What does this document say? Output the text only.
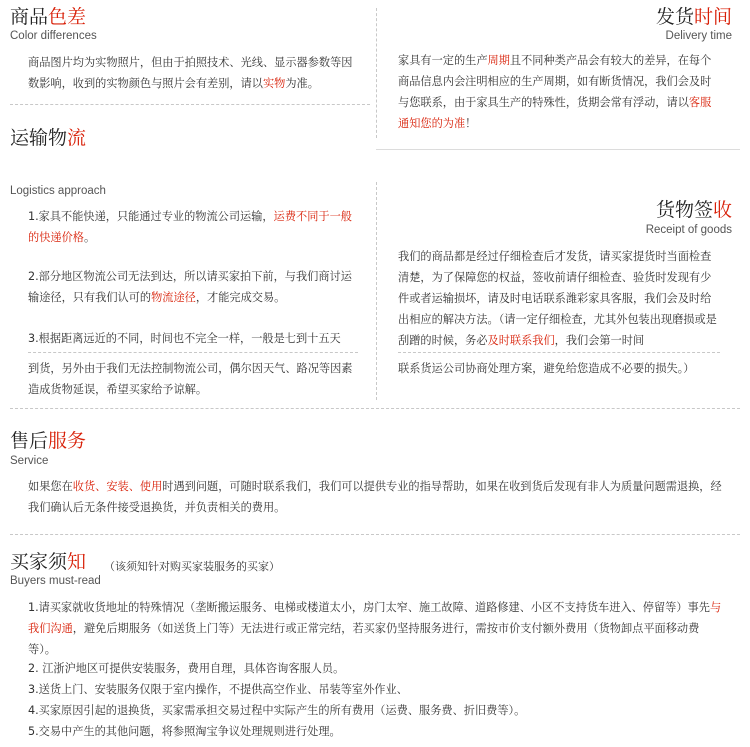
商品色差
Color differences
商品图片均为实物照片，但由于拍照技术、光线、显示器参数等因数影响，收到的实物颜色与照片会有差别，请以实物为准。
发货时间
Delivery time
家具有一定的生产周期且不同种类产品会有较大的差异，在每个商品信息内会注明相应的生产周期，如有断货情况，我们会及时与您联系，由于家具生产的特殊性，货期会常有浮动，请以客服通知您的为准！
运输物流
Logistics approach
1.家具不能快递，只能通过专业的物流公司运输，运费不同于一般的快递价格。
2.部分地区物流公司无法到达，所以请买家拍下前，与我们商讨运输途径，只有我们认可的物流途径，才能完成交易。
3.根据距离远近的不同，时间也不完全一样，一般是七到十五天
到货，另外由于我们无法控制物流公司，偶尔因天气、路况等因素造成货物延误，希望买家给予谅解。
货物签收
Receipt of goods
我们的商品都是经过仔细检查后才发货，请买家提货时当面检查清楚，为了保障您的权益，签收前请仔细检查、验货时发现有少件或者运输损坏，请及时电话联系潍彩家具客服，我们会及时给出相应的解决方法。（请一定仔细检查，尤其外包装出现磨损或是刮蹭的时候，务必及时联系我们，我们会第一时间
联系货运公司协商处理方案，避免给您造成不必要的损失。）
售后服务
Service
如果您在收货、安装、使用时遇到问题，可随时联系我们，我们可以提供专业的指导帮助，如果在收到货后发现有非人为质量问题需退换，经我们确认后无条件接受退换货，并负责相关的费用。
买家须知 （该须知针对购买家装服务的买家）
Buyers must-read
1.请买家就收货地址的特殊情况（垄断搬运服务、电梯或楼道太小，房门太窄、施工故障、道路修建、小区不支持货车进入、停留等）事先与我们沟通，避免后期服务（如送货上门等）无法进行或正常完结，若买家仍坚持服务进行，需按市价支付额外费用（货物卸点平面移动费等）。
2. 江浙沪地区可提供安装服务，费用自理，具体咨询客服人员。
3.送货上门、安装服务仅限于室内操作，不提供高空作业、吊装等室外作业、
4.买家原因引起的退换货，买家需承担交易过程中实际产生的所有费用（运费、服务费、折旧费等）。
5.交易中产生的其他问题，将参照淘宝争议处理规则进行处理。
